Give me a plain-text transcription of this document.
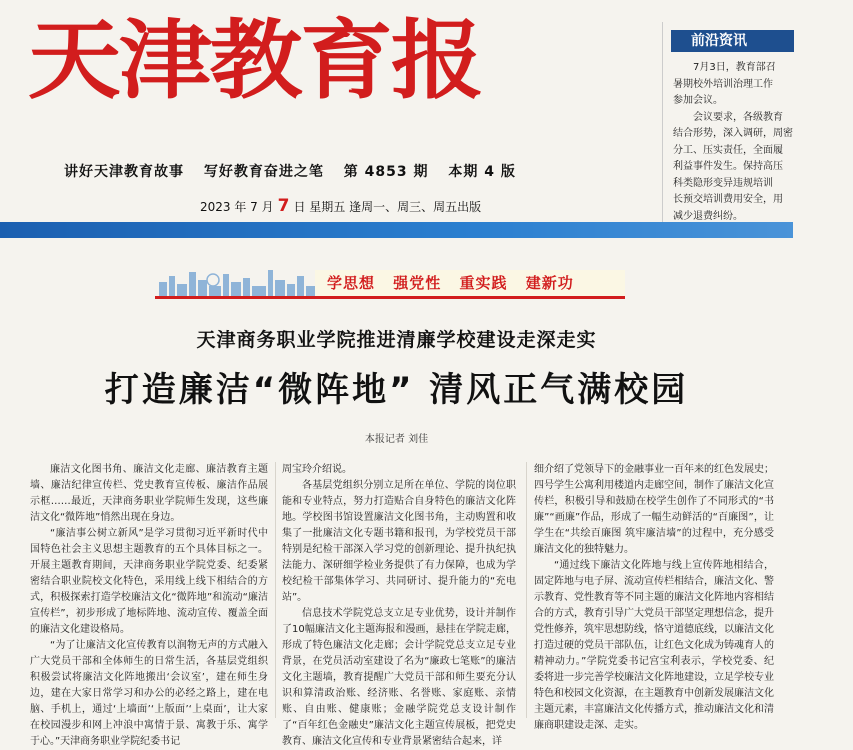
天津教育报
讲好天津教育故事 写好教育奋进之笔 第 4853 期 本期 4 版
2023 年 7 月 7 日 星期五 逢周一、周三、周五出版
前沿资讯

7月3日，教育部召

暑期校外培训治理工作

参加会议。

会议要求，各级教育

结合形势，深入调研，周密

分工、压实责任，全面履

利益事件发生。保持高压

科类隐形变异违规培训

长预交培训费用安全，用

减少退费纠纷。

学思想 强党性 重实践 建新功
天津商务职业学院推进清廉学校建设走深走实
打造廉洁“微阵地” 清风正气满校园
本报记者 刘佳

廉洁文化图书角、廉洁文化走廊、廉洁教育主题墙、廉洁纪律宣传栏、党史教育宣传板、廉洁作品展示框……最近，天津商务职业学院师生发现，这些廉洁文化“微阵地”悄然出现在身边。

“廉洁事公树立新风”是学习贯彻习近平新时代中国特色社会主义思想主题教育的五个具体目标之一。开展主题教育期间，天津商务职业学院党委、纪委紧密结合职业院校文化特色，采用线上线下相结合的方式，积极探索打造学校廉洁文化“微阵地”和流动“廉洁宣传栏”，初步形成了地标阵地、流动宣传、覆盖全面的廉洁文化建设格局。

“为了让廉洁文化宣传教育以润物无声的方式融入广大党员干部和全体师生的日常生活，各基层党组织积极尝试将廉洁文化阵地搬出‘会议室’，建在师生身边，建在大家日常学习和办公的必经之路上，建在电脑、手机上，通过‘上墙面’‘上版面’‘上桌面’，让大家在校园漫步和网上冲浪中寓情于景、寓教于乐、寓学于心。”天津商务职业学院纪委书记

周宝玲介绍说。

各基层党组织分别立足所在单位、学院的岗位职能和专业特点，努力打造贴合自身特色的廉洁文化阵地。学校图书馆设置廉洁文化图书角，主动购置和收集了一批廉洁文化专题书籍和报刊，为学校党员干部特别是纪检干部深入学习党的创新理论、提升执纪执法能力、深研细学检业务提供了有力保障，也成为学校纪检干部集体学习、共同研讨、提升能力的“充电站”。

信息技术学院党总支立足专业优势，设计并制作了10幅廉洁文化主题海报和漫画，悬挂在学院走廊，形成了特色廉洁文化走廊；会计学院党总支立足专业背景，在党员活动室建设了名为“廉政七笔账”的廉洁文化主题墙，教育提醒广大党员干部和师生要充分认识和算清政治账、经济账、名誉账、家庭账、亲情账、自由账、健康账；金融学院党总支设计制作了“百年红色金融史”廉洁文化主题宣传展板，把党史教育、廉洁文化宣传和专业背景紧密结合起来，详

细介绍了党领导下的金融事业一百年来的红色发展史；四号学生公寓利用楼道内走廊空间，制作了廉洁文化宣传栏，积极引导和鼓励在校学生创作了不同形式的“书廉”“画廉”作品，形成了一幅生动鲜活的“百廉图”，让学生在“共绘百廉图 筑牢廉洁墙”的过程中，充分感受廉洁文化的独特魅力。

“通过线下廉洁文化阵地与线上宣传阵地相结合，固定阵地与电子屏、流动宣传栏相结合，廉洁文化、警示教育、党性教育等不同主题的廉洁文化阵地内容相结合的方式，教育引导广大党员干部坚定理想信念，提升党性修养，筑牢思想防线，恪守道德底线，以廉洁文化打造过硬的党员干部队伍，让红色文化成为铸魂育人的精神动力。”学院党委书记宫宝利表示，学校党委、纪委将进一步完善学校廉洁文化阵地建设，立足学校专业特色和校园文化资源，在主题教育中创新发展廉洁文化主题元素，丰富廉洁文化传播方式，推动廉洁文化和清廉商职建设走深、走实。
